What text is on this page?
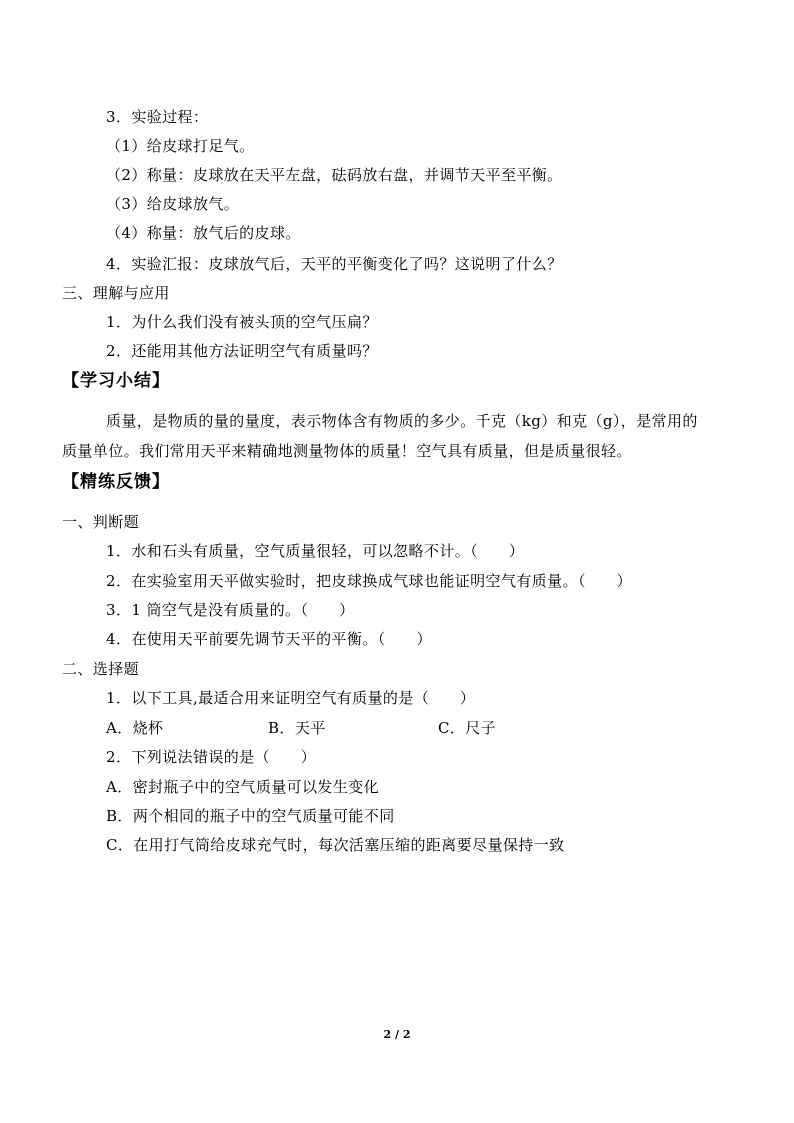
3．实验过程：
（1）给皮球打足气。
（2）称量：皮球放在天平左盘，砝码放右盘，并调节天平至平衡。
（3）给皮球放气。
（4）称量：放气后的皮球。
4．实验汇报：皮球放气后，天平的平衡变化了吗？这说明了什么？
三、理解与应用
1．为什么我们没有被头顶的空气压扁？
2．还能用其他方法证明空气有质量吗？
【学习小结】
质量，是物质的量的量度，表示物体含有物质的多少。千克（kg）和克（g），是常用的
质量单位。我们常用天平来精确地测量物体的质量！空气具有质量，但是质量很轻。
【精练反馈】
一、判断题
1．水和石头有质量，空气质量很轻，可以忽略不计。（　　）
2．在实验室用天平做实验时，把皮球换成气球也能证明空气有质量。（　　）
3．1 筒空气是没有质量的。（　　）
4．在使用天平前要先调节天平的平衡。（　　）
二、选择题
1．以下工具,最适合用来证明空气有质量的是（　　）
A．烧杯	B．天平	C．尺子
2．下列说法错误的是（　　）
A．密封瓶子中的空气质量可以发生变化
B．两个相同的瓶子中的空气质量可能不同
C．在用打气筒给皮球充气时，每次活塞压缩的距离要尽量保持一致
2 / 2
